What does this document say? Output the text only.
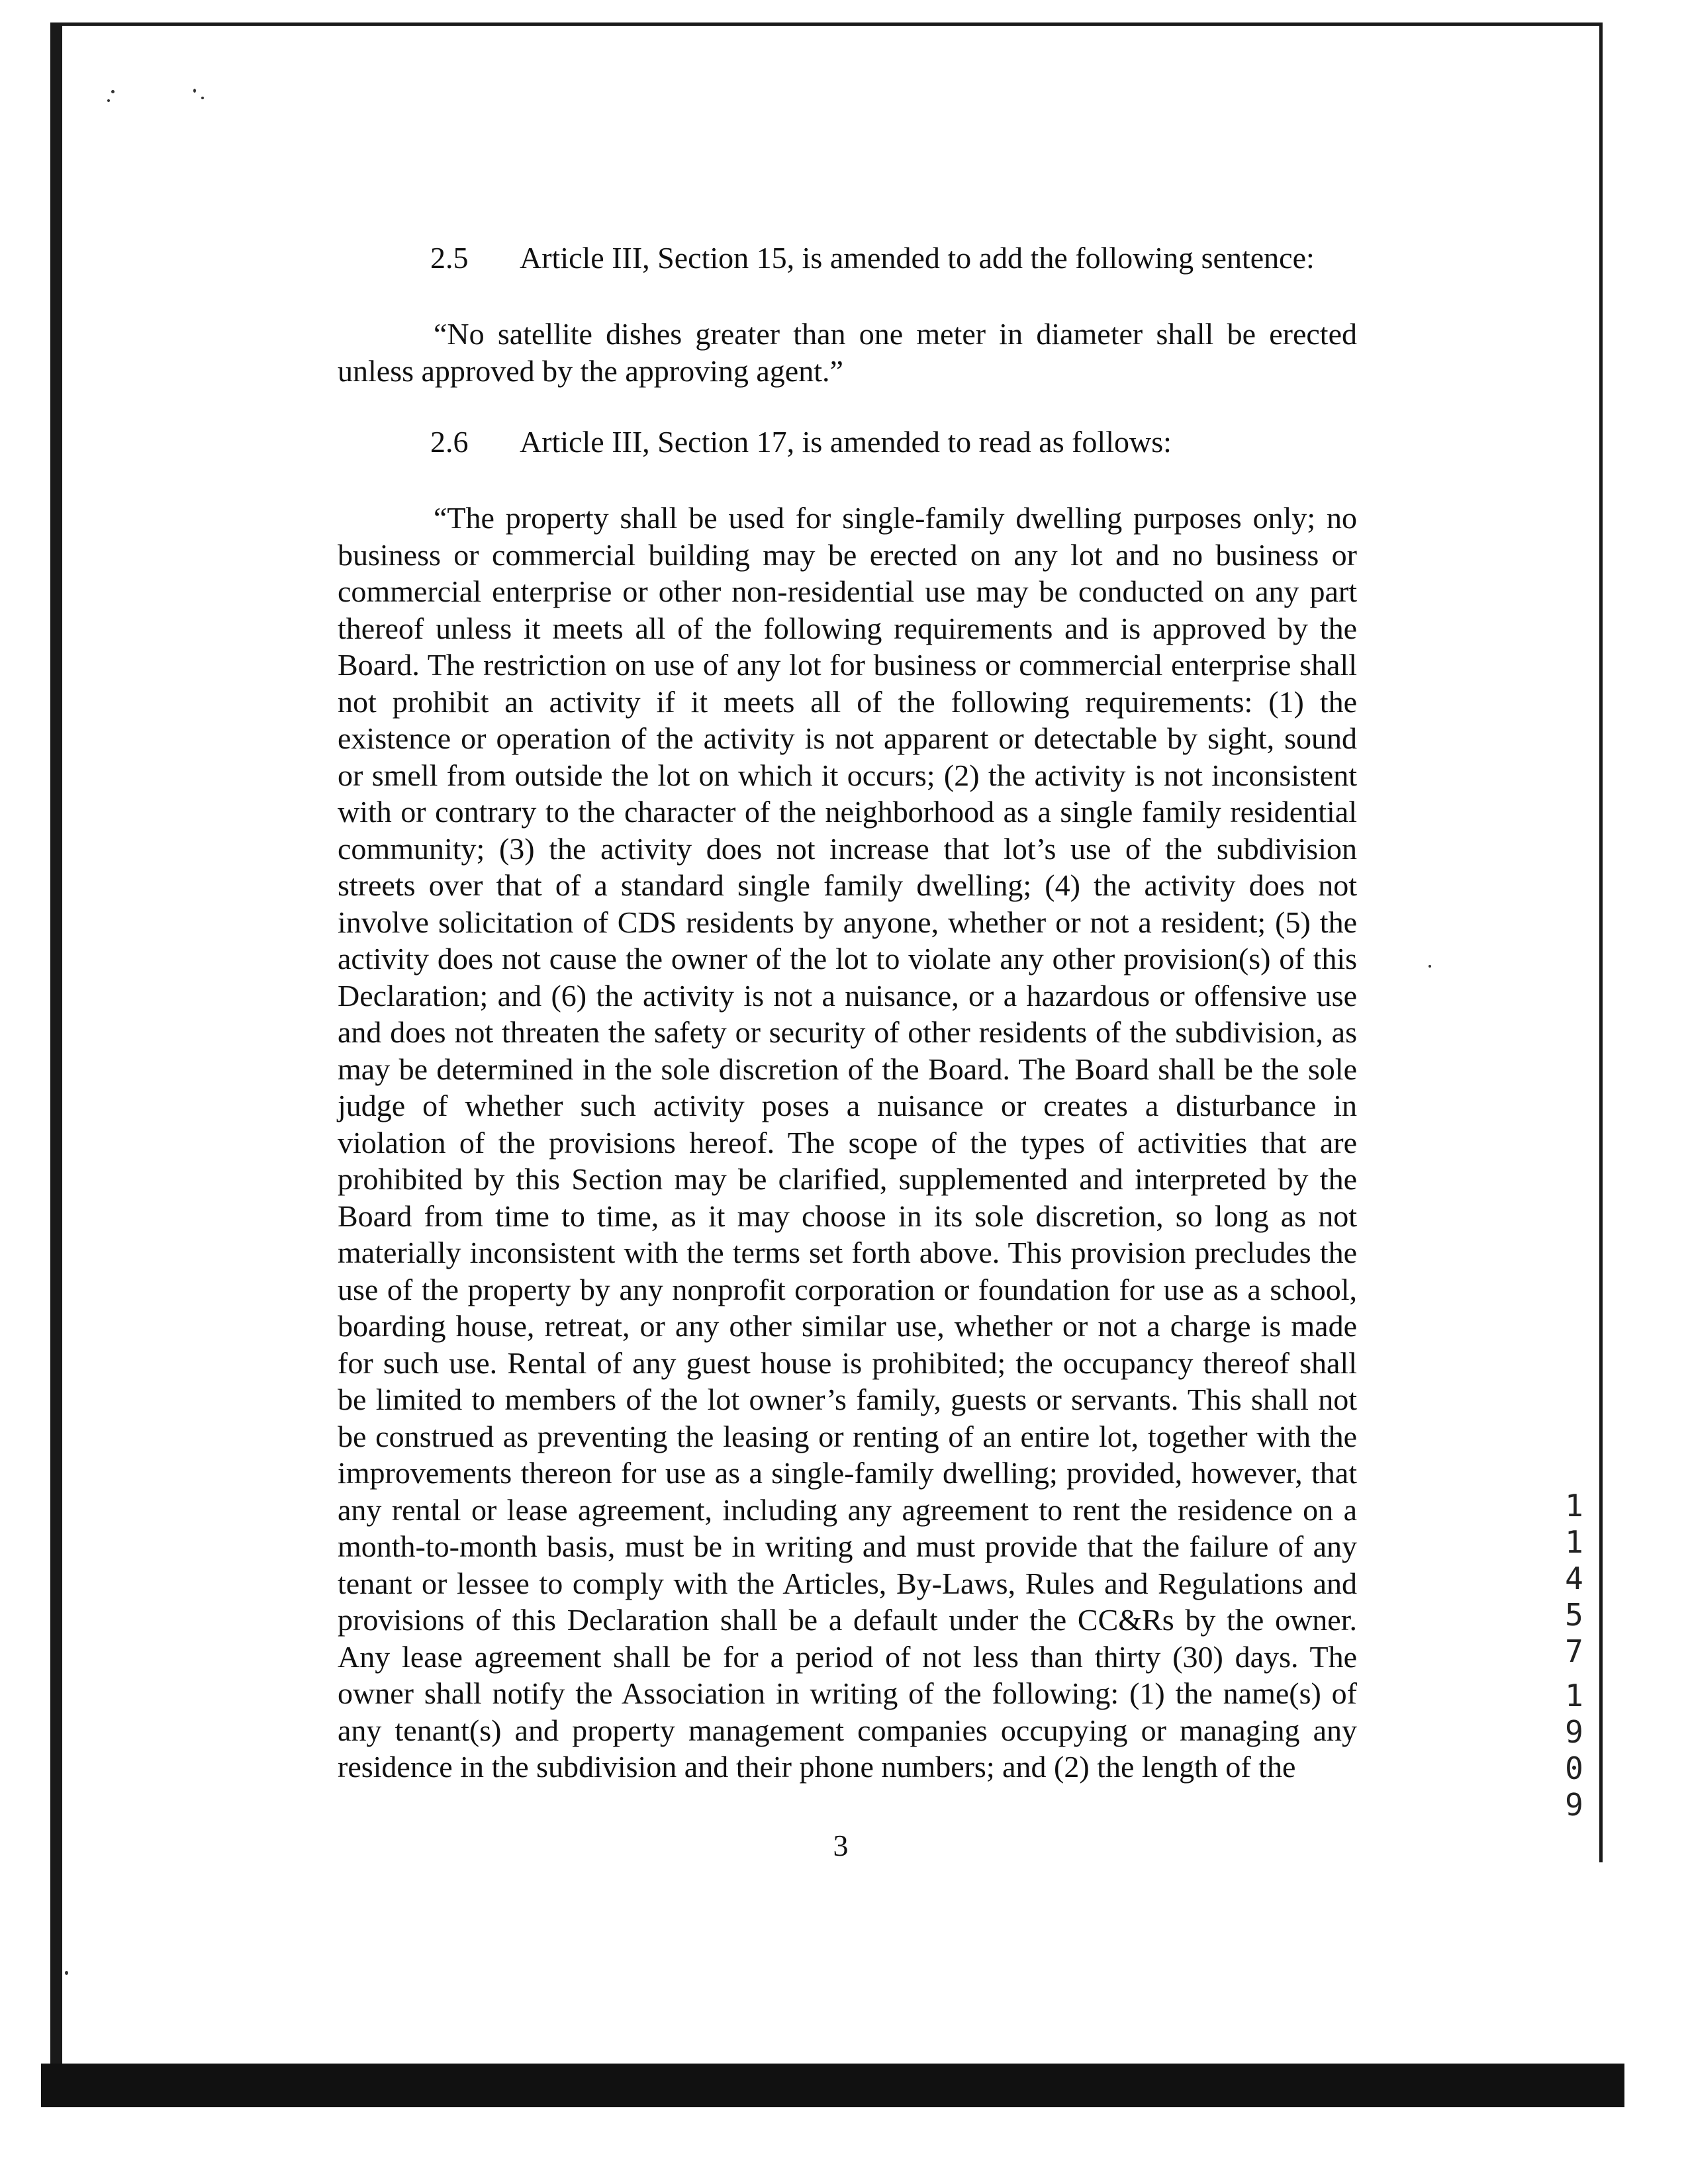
2.5 Article III, Section 15, is amended to add the following sentence:
“No satellite dishes greater than one meter in diameter shall be erected unless approved by the approving agent.”
2.6 Article III, Section 17, is amended to read as follows:
“The property shall be used for single-family dwelling purposes only; no business or commercial building may be erected on any lot and no business or commercial enterprise or other non-residential use may be conducted on any part thereof unless it meets all of the following requirements and is approved by the Board. The restriction on use of any lot for business or commercial enterprise shall not prohibit an activity if it meets all of the following requirements: (1) the existence or operation of the activity is not apparent or detectable by sight, sound or smell from outside the lot on which it occurs; (2) the activity is not inconsistent with or contrary to the character of the neighborhood as a single family residential community; (3) the activity does not increase that lot’s use of the subdivision streets over that of a standard single family dwelling; (4) the activity does not involve solicitation of CDS residents by anyone, whether or not a resident; (5) the activity does not cause the owner of the lot to violate any other provision(s) of this Declaration; and (6) the activity is not a nuisance, or a hazardous or offensive use and does not threaten the safety or security of other residents of the subdivision, as may be determined in the sole discretion of the Board. The Board shall be the sole judge of whether such activity poses a nuisance or creates a disturbance in violation of the provisions hereof. The scope of the types of activities that are prohibited by this Section may be clarified, supplemented and interpreted by the Board from time to time, as it may choose in its sole discretion, so long as not materially inconsistent with the terms set forth above. This provision precludes the use of the property by any nonprofit corporation or foundation for use as a school, boarding house, retreat, or any other similar use, whether or not a charge is made for such use. Rental of any guest house is prohibited; the occupancy thereof shall be limited to members of the lot owner’s family, guests or servants. This shall not be construed as preventing the leasing or renting of an entire lot, together with the improvements thereon for use as a single-family dwelling; provided, however, that any rental or lease agreement, including any agreement to rent the residence on a month-to-month basis, must be in writing and must provide that the failure of any tenant or lessee to comply with the Articles, By-Laws, Rules and Regulations and provisions of this Declaration shall be a default under the CC&Rs by the owner. Any lease agreement shall be for a period of not less than thirty (30) days. The owner shall notify the Association in writing of the following: (1) the name(s) of any tenant(s) and property management companies occupying or managing any residence in the subdivision and their phone numbers; and (2) the length of the
3
1
1
4
5
7
1
9
0
9
